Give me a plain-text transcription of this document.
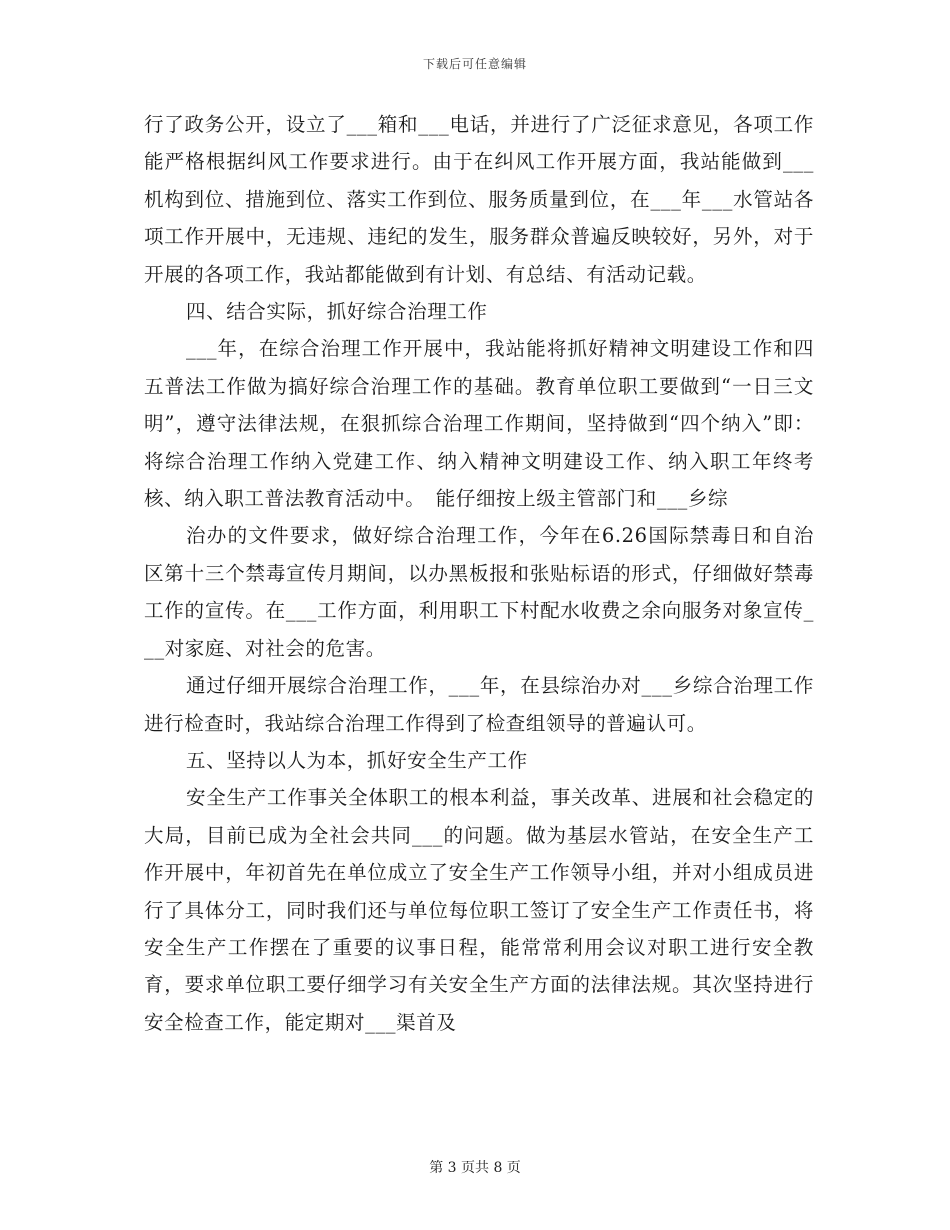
下载后可任意编辑

行了政务公开，设立了___箱和___电话，并进行了广泛征求意见，各项工作能严格根据纠风工作要求进行。由于在纠风工作开展方面，我站能做到___机构到位、措施到位、落实工作到位、服务质量到位，在___年___水管站各项工作开展中，无违规、违纪的发生，服务群众普遍反映较好，另外，对于开展的各项工作，我站都能做到有计划、有总结、有活动记载。

四、结合实际，抓好综合治理工作

___年，在综合治理工作开展中，我站能将抓好精神文明建设工作和四五普法工作做为搞好综合治理工作的基础。教育单位职工要做到“一日三文明”，遵守法律法规，在狠抓综合治理工作期间，坚持做到“四个纳入”即：将综合治理工作纳入党建工作、纳入精神文明建设工作、纳入职工年终考核、纳入职工普法教育活动中。　能仔细按上级主管部门和___乡综

治办的文件要求，做好综合治理工作，今年在6.26国际禁毒日和自治区第十三个禁毒宣传月期间，以办黑板报和张贴标语的形式，仔细做好禁毒工作的宣传。在___工作方面，利用职工下村配水收费之余向服务对象宣传___对家庭、对社会的危害。

通过仔细开展综合治理工作，___年，在县综治办对___乡综合治理工作进行检查时，我站综合治理工作得到了检查组领导的普遍认可。

五、坚持以人为本，抓好安全生产工作

安全生产工作事关全体职工的根本利益，事关改革、进展和社会稳定的大局，目前已成为全社会共同___的问题。做为基层水管站，在安全生产工作开展中，年初首先在单位成立了安全生产工作领导小组，并对小组成员进行了具体分工，同时我们还与单位每位职工签订了安全生产工作责任书，将安全生产工作摆在了重要的议事日程，能常常利用会议对职工进行安全教育，要求单位职工要仔细学习有关安全生产方面的法律法规。其次坚持进行安全检查工作，能定期对___渠首及

第 3 页共 8 页
